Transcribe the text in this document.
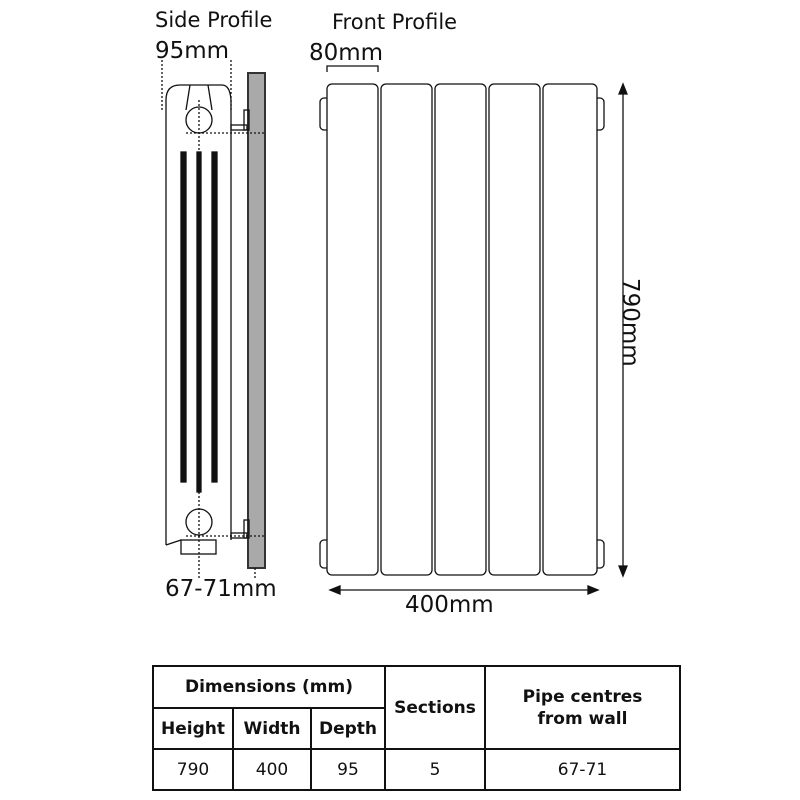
Side Profile	Front Profile
95mm	80mm
67-71mm
400mm
790mm
Dimensions (mm)			Sections	Pipe centres from wall
Height	Width	Depth		
790	400	95	5	67-71
